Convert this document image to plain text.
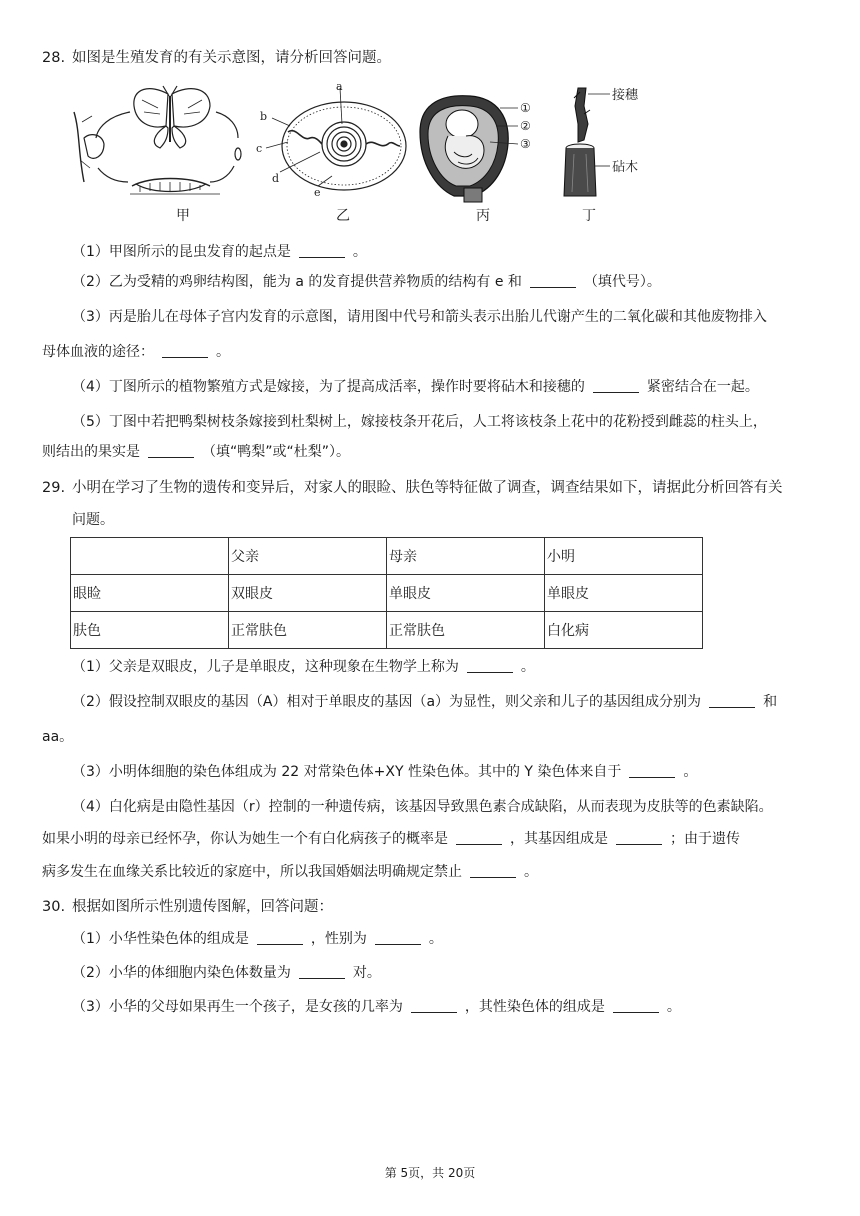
28. 如图是生殖发育的有关示意图，请分析回答问题。
甲
a
b
c
d
e
乙
①
②
③
丙
接穗
砧木
丁
（1）甲图所示的昆虫发育的起点是	。
（2）乙为受精的鸡卵结构图，能为 a 的发育提供营养物质的结构有 e 和	（填代号）。
（3）丙是胎儿在母体子宫内发育的示意图，请用图中代号和箭头表示出胎儿代谢产生的二氧化碳和其他废物排入
母体血液的途径：	。
（4）丁图所示的植物繁殖方式是嫁接，为了提高成活率，操作时要将砧木和接穗的	紧密结合在一起。
（5）丁图中若把鸭梨树枝条嫁接到杜梨树上，嫁接枝条开花后，人工将该枝条上花中的花粉授到雌蕊的柱头上，
则结出的果实是	（填“鸭梨”或“杜梨”）。
29. 小明在学习了生物的遗传和变异后，对家人的眼睑、肤色等特征做了调查，调查结果如下，请据此分析回答有关
问题。
	父亲	母亲	小明
眼睑	双眼皮	单眼皮	单眼皮
肤色	正常肤色	正常肤色	白化病
（1）父亲是双眼皮，儿子是单眼皮，这种现象在生物学上称为	。
（2）假设控制双眼皮的基因（A）相对于单眼皮的基因（a）为显性，则父亲和儿子的基因组成分别为	和
aa。
（3）小明体细胞的染色体组成为 22 对常染色体+XY 性染色体。其中的 Y 染色体来自于	。
（4）白化病是由隐性基因（r）控制的一种遗传病，该基因导致黑色素合成缺陷，从而表现为皮肤等的色素缺陷。
如果小明的母亲已经怀孕，你认为她生一个有白化病孩子的概率是	，其基因组成是	；由于遗传
病多发生在血缘关系比较近的家庭中，所以我国婚姻法明确规定禁止	。
30. 根据如图所示性别遗传图解，回答问题：
（1）小华性染色体的组成是	，性别为	。
（2）小华的体细胞内染色体数量为	对。
（3）小华的父母如果再生一个孩子，是女孩的几率为	，其性染色体的组成是	。
第 5页，共 20页
